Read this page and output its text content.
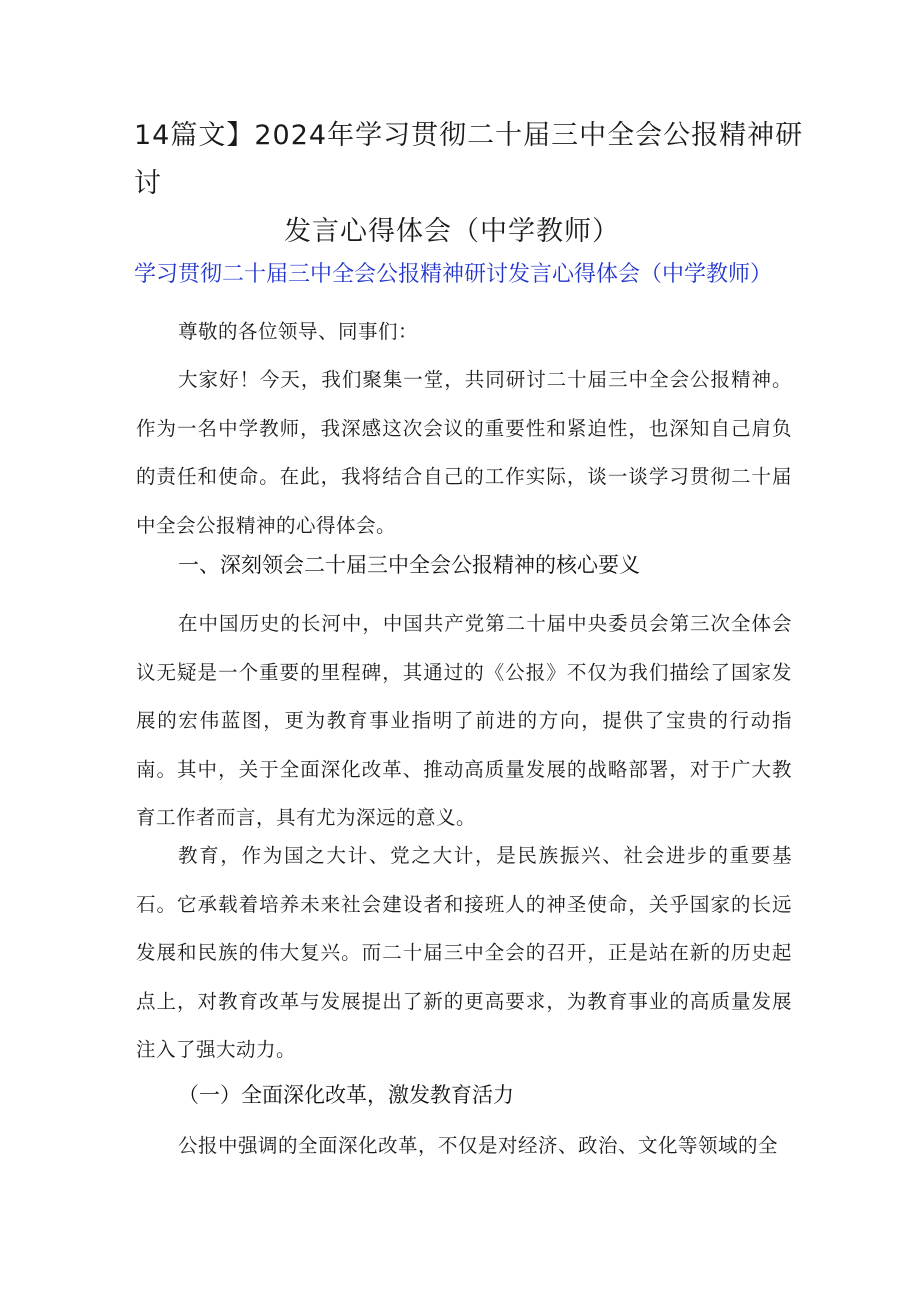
14篇文】2024年学习贯彻二十届三中全会公报精神研讨
发言心得体会（中学教师）
学习贯彻二十届三中全会公报精神研讨发言心得体会（中学教师）

尊敬的各位领导、同事们：

大家好！今天，我们聚集一堂，共同研讨二十届三中全会公报精神。作为一名中学教师，我深感这次会议的重要性和紧迫性，也深知自己肩负的责任和使命。在此，我将结合自己的工作实际，谈一谈学习贯彻二十届中全会公报精神的心得体会。

一、深刻领会二十届三中全会公报精神的核心要义

在中国历史的长河中，中国共产党第二十届中央委员会第三次全体会议无疑是一个重要的里程碑，其通过的《公报》不仅为我们描绘了国家发展的宏伟蓝图，更为教育事业指明了前进的方向，提供了宝贵的行动指南。其中，关于全面深化改革、推动高质量发展的战略部署，对于广大教育工作者而言，具有尤为深远的意义。

教育，作为国之大计、党之大计，是民族振兴、社会进步的重要基石。它承载着培养未来社会建设者和接班人的神圣使命，关乎国家的长远发展和民族的伟大复兴。而二十届三中全会的召开，正是站在新的历史起点上，对教育改革与发展提出了新的更高要求，为教育事业的高质量发展注入了强大动力。

（一）全面深化改革，激发教育活力

公报中强调的全面深化改革，不仅是对经济、政治、文化等领域的全
